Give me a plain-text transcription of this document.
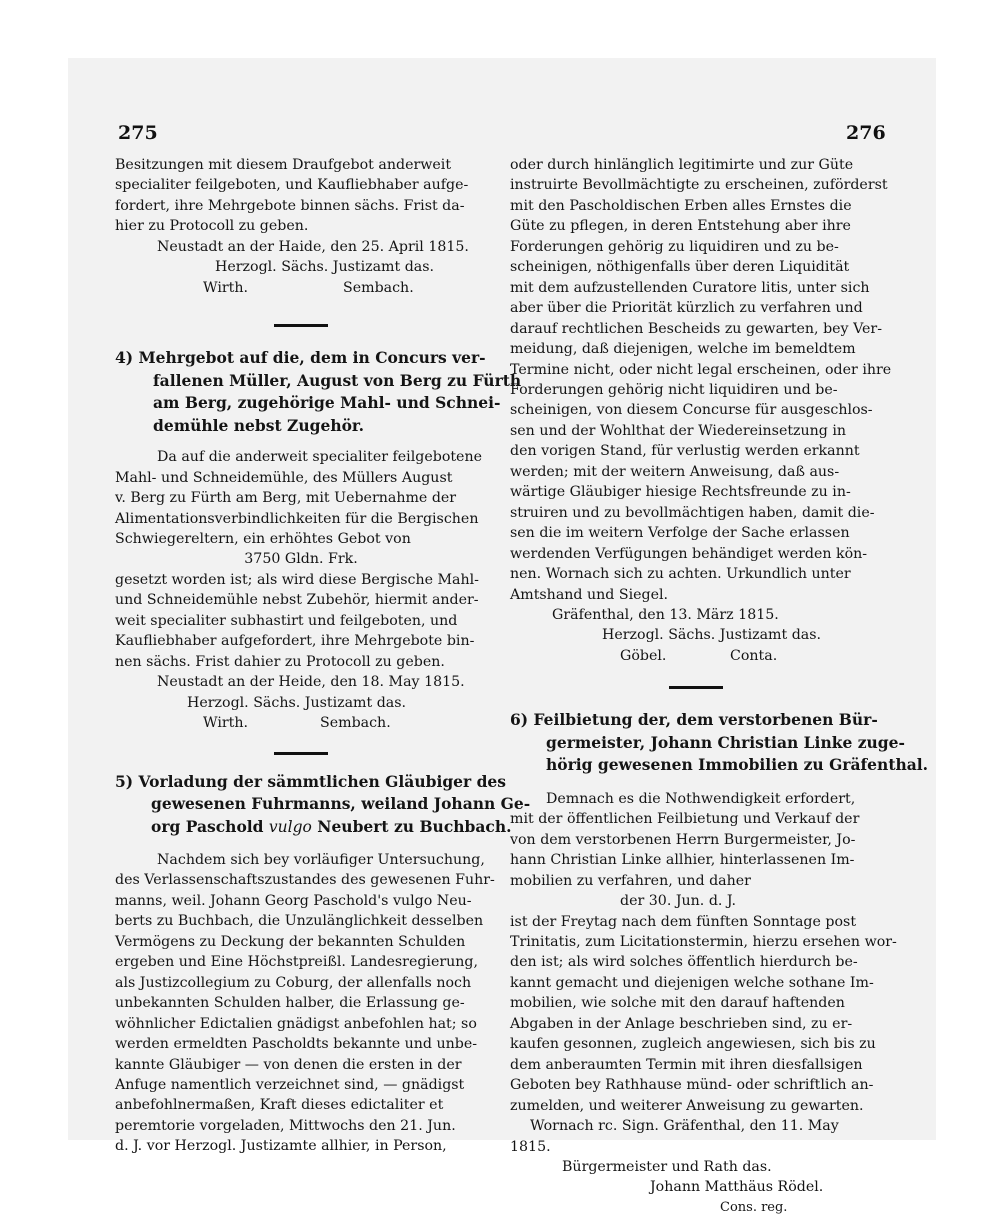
275	276
Besitzungen mit diesem Draufgebot anderweit
specialiter feilgeboten, und Kaufliebhaber aufge-
fordert, ihre Mehrgebote binnen sächs. Frist da-
hier zu Protocoll zu geben.
Neustadt an der Haide, den 25. April 1815.
Herzogl. Sächs. Justizamt das.
Wirth.	Sembach.
4) Mehrgebot auf die, dem in Concurs ver-
fallenen Müller, August von Berg zu Fürth
am Berg, zugehörige Mahl- und Schnei-
demühle nebst Zugehör.
Da auf die anderweit specialiter feilgebotene
Mahl- und Schneidemühle, des Müllers August
v. Berg zu Fürth am Berg, mit Uebernahme der
Alimentationsverbindlichkeiten für die Bergischen
Schwiegereltern, ein erhöhtes Gebot von
3750 Gldn. Frk.
gesetzt worden ist; als wird diese Bergische Mahl-
und Schneidemühle nebst Zubehör, hiermit ander-
weit specialiter subhastirt und feilgeboten, und
Kaufliebhaber aufgefordert, ihre Mehrgebote bin-
nen sächs. Frist dahier zu Protocoll zu geben.
Neustadt an der Heide, den 18. May 1815.
Herzogl. Sächs. Justizamt das.
Wirth.	Sembach.
5) Vorladung der sämmtlichen Gläubiger des
gewesenen Fuhrmanns, weiland Johann Ge-
org Paschold vulgo Neubert zu Buchbach.
Nachdem sich bey vorläufiger Untersuchung,
des Verlassenschaftszustandes des gewesenen Fuhr-
manns, weil. Johann Georg Paschold's vulgo Neu-
berts zu Buchbach, die Unzulänglichkeit desselben
Vermögens zu Deckung der bekannten Schulden
ergeben und Eine Höchstpreißl. Landesregierung,
als Justizcollegium zu Coburg, der allenfalls noch
unbekannten Schulden halber, die Erlassung ge-
wöhnlicher Edictalien gnädigst anbefohlen hat; so
werden ermeldten Pascholdts bekannte und unbe-
kannte Gläubiger — von denen die ersten in der
Anfuge namentlich verzeichnet sind, — gnädigst
anbefohlnermaßen, Kraft dieses edictaliter et
peremtorie vorgeladen, Mittwochs den 21. Jun.
d. J. vor Herzogl. Justizamte allhier, in Person,
oder durch hinlänglich legitimirte und zur Güte
instruirte Bevollmächtigte zu erscheinen, zuförderst
mit den Pascholdischen Erben alles Ernstes die
Güte zu pflegen, in deren Entstehung aber ihre
Forderungen gehörig zu liquidiren und zu be-
scheinigen, nöthigenfalls über deren Liquidität
mit dem aufzustellenden Curatore litis, unter sich
aber über die Priorität kürzlich zu verfahren und
darauf rechtlichen Bescheids zu gewarten, bey Ver-
meidung, daß diejenigen, welche im bemeldtem
Termine nicht, oder nicht legal erscheinen, oder ihre
Forderungen gehörig nicht liquidiren und be-
scheinigen, von diesem Concurse für ausgeschlos-
sen und der Wohlthat der Wiedereinsetzung in
den vorigen Stand, für verlustig werden erkannt
werden; mit der weitern Anweisung, daß aus-
wärtige Gläubiger hiesige Rechtsfreunde zu in-
struiren und zu bevollmächtigen haben, damit die-
sen die im weitern Verfolge der Sache erlassen
werdenden Verfügungen behändiget werden kön-
nen. Wornach sich zu achten. Urkundlich unter
Amtshand und Siegel.
Gräfenthal, den 13. März 1815.
Herzogl. Sächs. Justizamt das.
Göbel.	Conta.
6) Feilbietung der, dem verstorbenen Bür-
germeister, Johann Christian Linke zuge-
hörig gewesenen Immobilien zu Gräfenthal.
Demnach es die Nothwendigkeit erfordert,
mit der öffentlichen Feilbietung und Verkauf der
von dem verstorbenen Herrn Burgermeister, Jo-
hann Christian Linke allhier, hinterlassenen Im-
mobilien zu verfahren, und daher
der 30. Jun. d. J.
ist der Freytag nach dem fünften Sonntage post
Trinitatis, zum Licitationstermin, hierzu ersehen wor-
den ist; als wird solches öffentlich hierdurch be-
kannt gemacht und diejenigen welche sothane Im-
mobilien, wie solche mit den darauf haftenden
Abgaben in der Anlage beschrieben sind, zu er-
kaufen gesonnen, zugleich angewiesen, sich bis zu
dem anberaumten Termin mit ihren diesfallsigen
Geboten bey Rathhause münd- oder schriftlich an-
zumelden, und weiterer Anweisung zu gewarten.
Wornach rc. Sign. Gräfenthal, den 11. May
1815.
Bürgermeister und Rath das.
Johann Matthäus Rödel.
Cons. reg.
